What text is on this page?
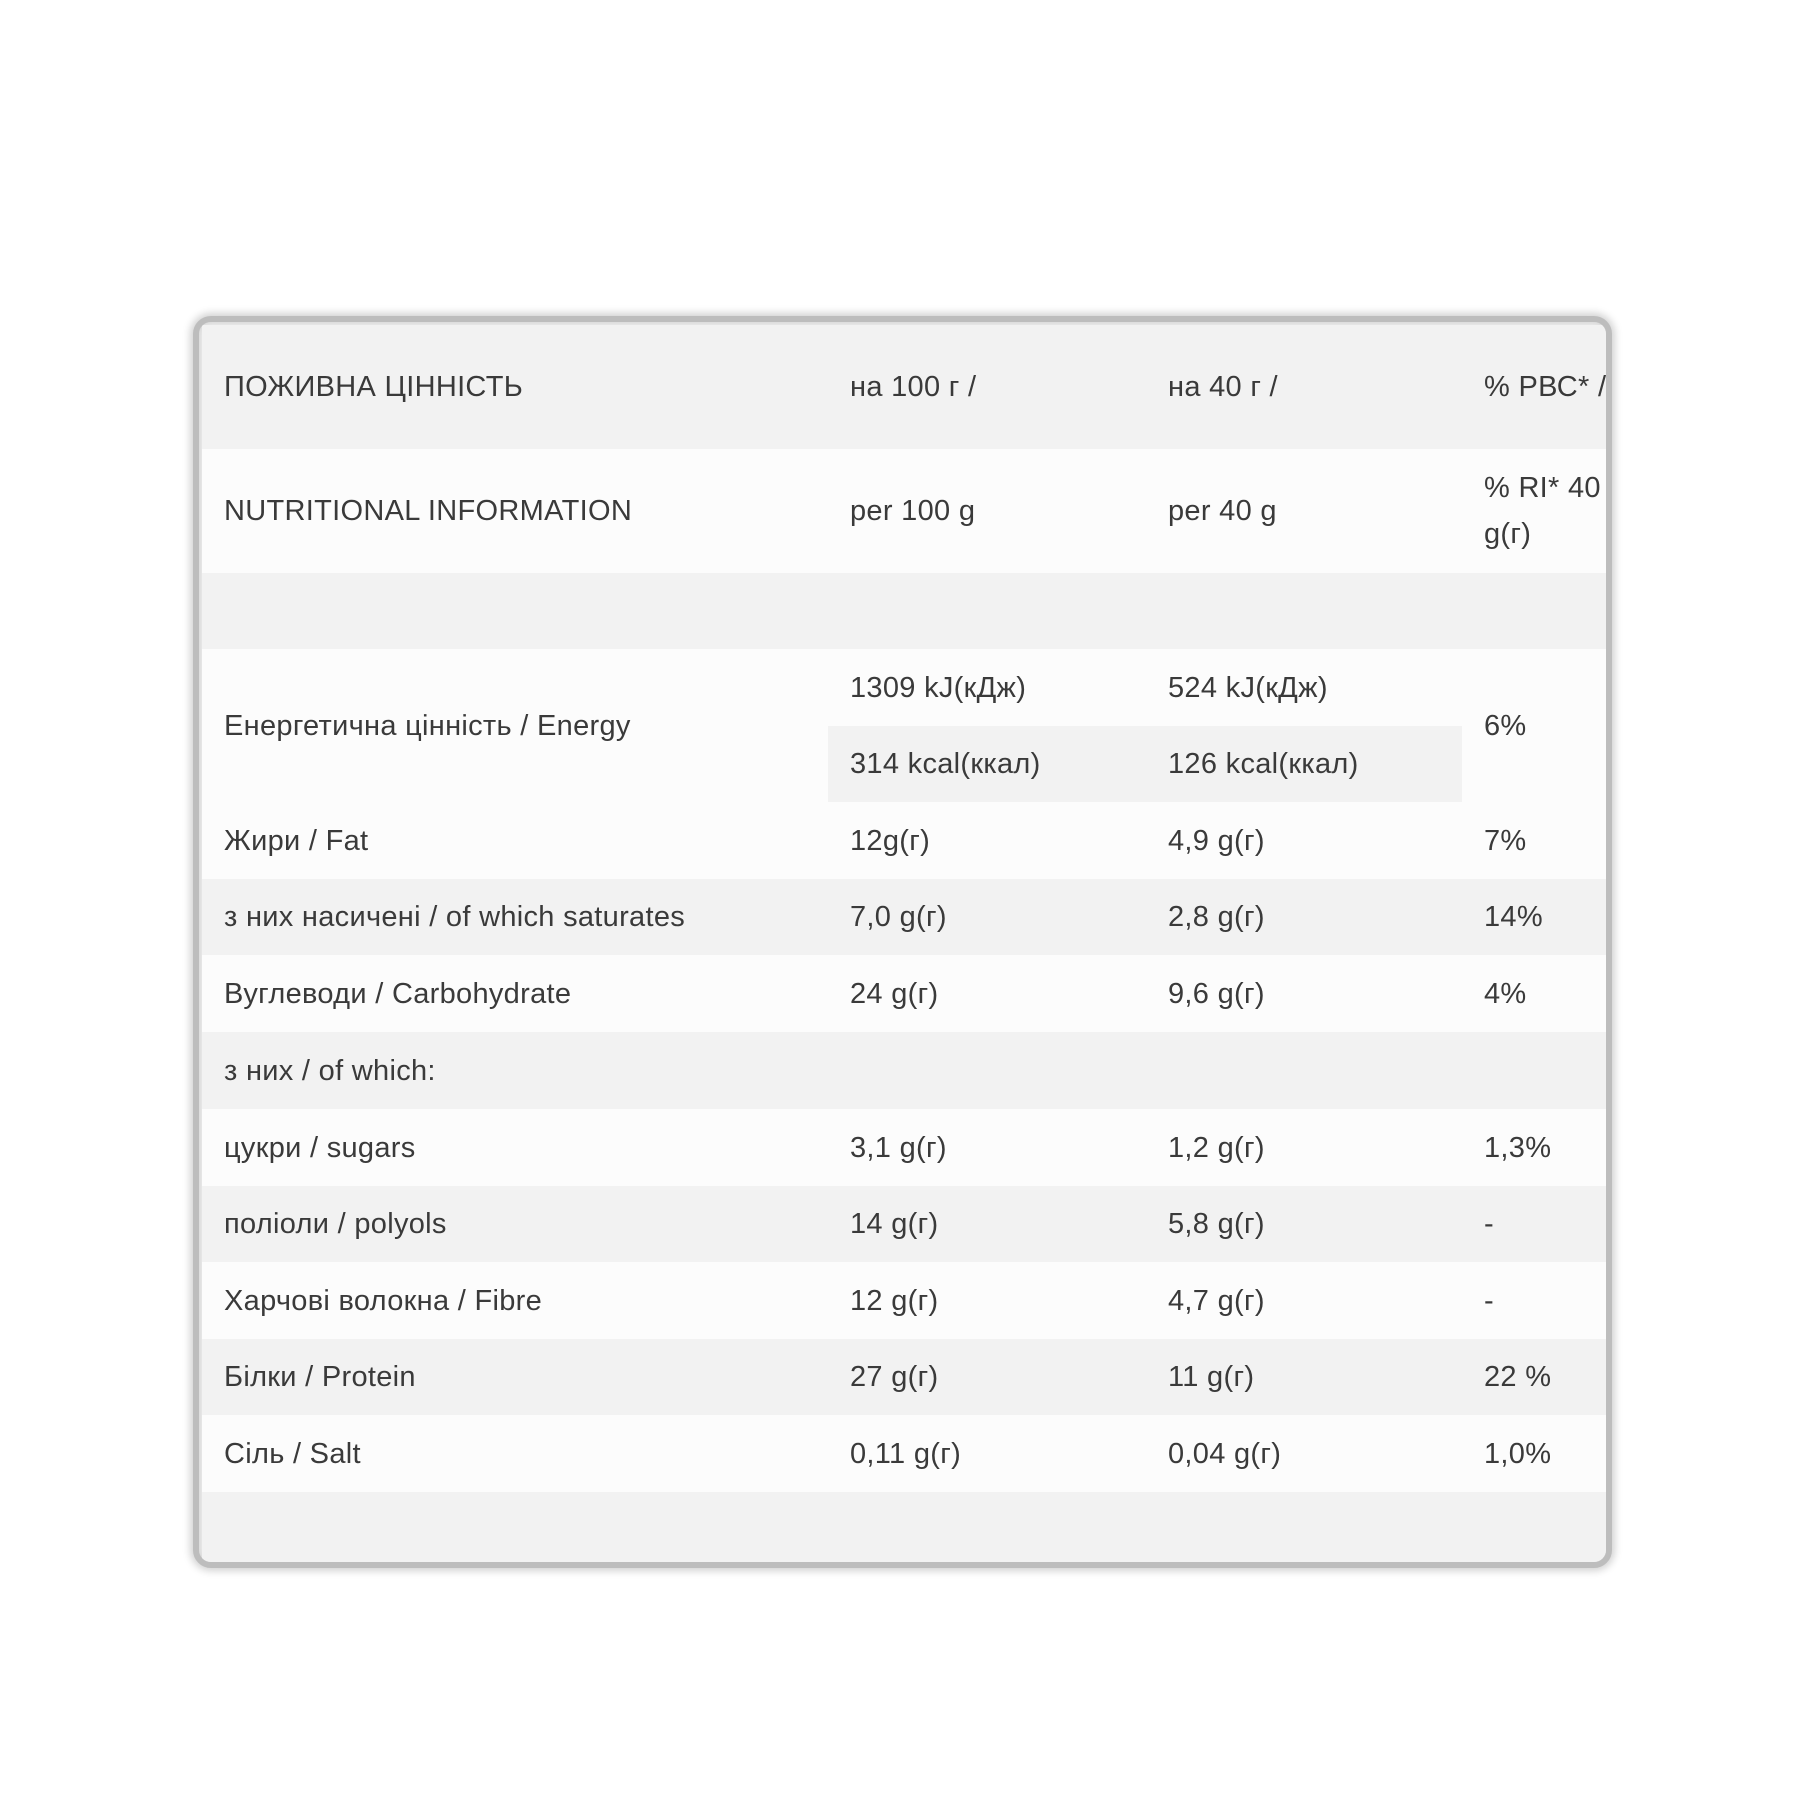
ПОЖИВНА ЦІННІСТЬ	на 100 г /	на 40 г /	% РВС* /
NUTRITIONAL INFORMATION	per 100 g	per 40 g	% RI* 40 g(г)

Енергетична цінність / Energy	1309 kJ(кДж)	524 kJ(кДж)	6%
	314 kcal(ккал)	126 kcal(ккал)	
Жири / Fat	12g(г)	4,9 g(г)	7%
з них насичені / of which saturates	7,0 g(г)	2,8 g(г)	14%
Вуглеводи / Carbohydrate	24 g(г)	9,6 g(г)	4%
з них / of which:			
цукри / sugars	3,1 g(г)	1,2 g(г)	1,3%
поліоли / polyols	14 g(г)	5,8 g(г)	-
Харчові волокна / Fibre	12 g(г)	4,7 g(г)	-
Білки / Protein	27 g(г)	11 g(г)	22 %
Сіль / Salt	0,11 g(г)	0,04 g(г)	1,0%
